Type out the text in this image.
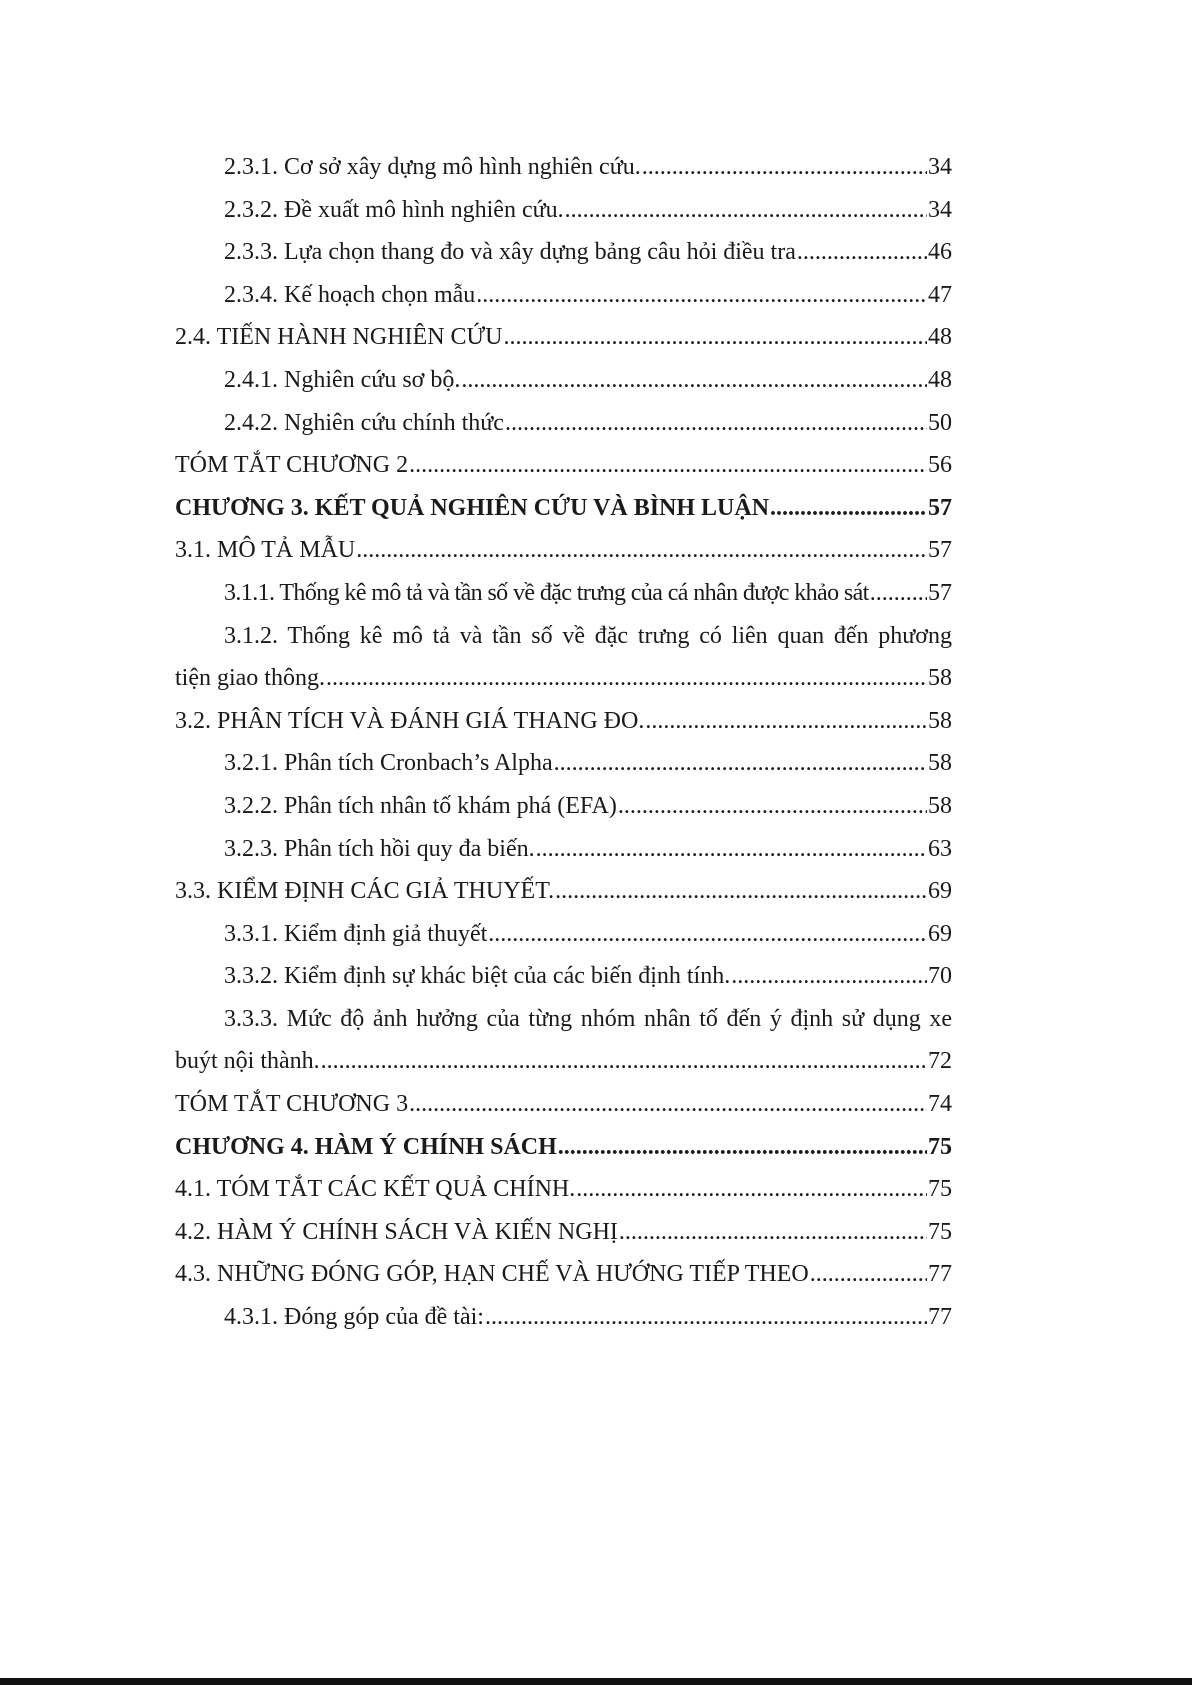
2.3.1. Cơ sở xây dựng mô hình nghiên cứu. .....	34
2.3.2. Đề xuất mô hình nghiên cứu. .....	34
2.3.3. Lựa chọn thang đo và xây dựng bảng câu hỏi điều tra .....	46
2.3.4. Kế hoạch chọn mẫu .....	47
2.4. TIẾN HÀNH NGHIÊN CỨU .....	48
2.4.1. Nghiên cứu sơ bộ. .....	48
2.4.2. Nghiên cứu chính thức .....	50
TÓM TẮT CHƯƠNG 2 .....	56
CHƯƠNG 3. KẾT QUẢ NGHIÊN CỨU VÀ BÌNH LUẬN .....	57
3.1. MÔ TẢ MẪU .....	57
3.1.1. Thống kê mô tả và tần số về đặc trưng của cá nhân được khảo sát ..... 57
3.1.2. Thống kê mô tả và tần số về đặc trưng có liên quan đến phương
tiện giao thông. .....	58
3.2. PHÂN TÍCH VÀ ĐÁNH GIÁ THANG ĐO. .....	58
3.2.1. Phân tích Cronbach’s Alpha .....	58
3.2.2. Phân tích nhân tố khám phá (EFA) .....	58
3.2.3. Phân tích hồi quy đa biến. .....	63
3.3. KIỂM ĐỊNH CÁC GIẢ THUYẾT. .....	69
3.3.1. Kiểm định giả thuyết .....	69
3.3.2. Kiểm định sự khác biệt của các biến định tính. .....	70
3.3.3. Mức độ ảnh hưởng của từng nhóm nhân tố đến ý định sử dụng xe
buýt nội thành. .....	72
TÓM TẮT CHƯƠNG 3 .....	74
CHƯƠNG 4. HÀM Ý CHÍNH SÁCH .....	75
4.1. TÓM TẮT CÁC KẾT QUẢ CHÍNH. .....	75
4.2. HÀM Ý CHÍNH SÁCH VÀ KIẾN NGHỊ .....	75
4.3. NHỮNG ĐÓNG GÓP, HẠN CHẾ VÀ HƯỚNG TIẾP THEO .....	77
4.3.1. Đóng góp của đề tài: .....	77
